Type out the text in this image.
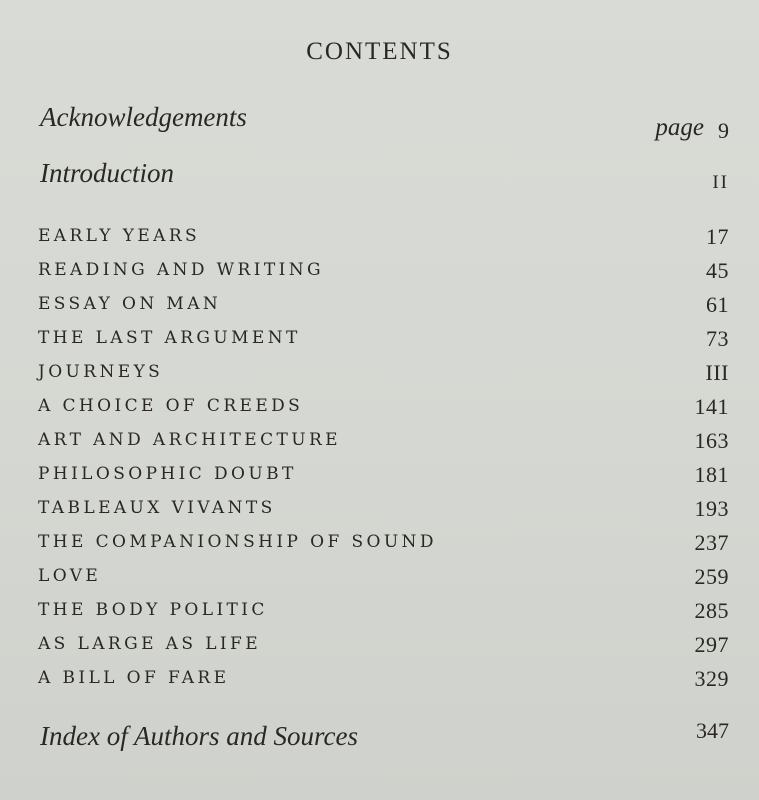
CONTENTS
Acknowledgements	page 9
Introduction	II
EARLY YEARS	17
READING AND WRITING	45
ESSAY ON MAN	61
THE LAST ARGUMENT	73
JOURNEYS	III
A CHOICE OF CREEDS	141
ART AND ARCHITECTURE	163
PHILOSOPHIC DOUBT	181
TABLEAUX VIVANTS	193
THE COMPANIONSHIP OF SOUND	237
LOVE	259
THE BODY POLITIC	285
AS LARGE AS LIFE	297
A BILL OF FARE	329
Index of Authors and Sources	347
